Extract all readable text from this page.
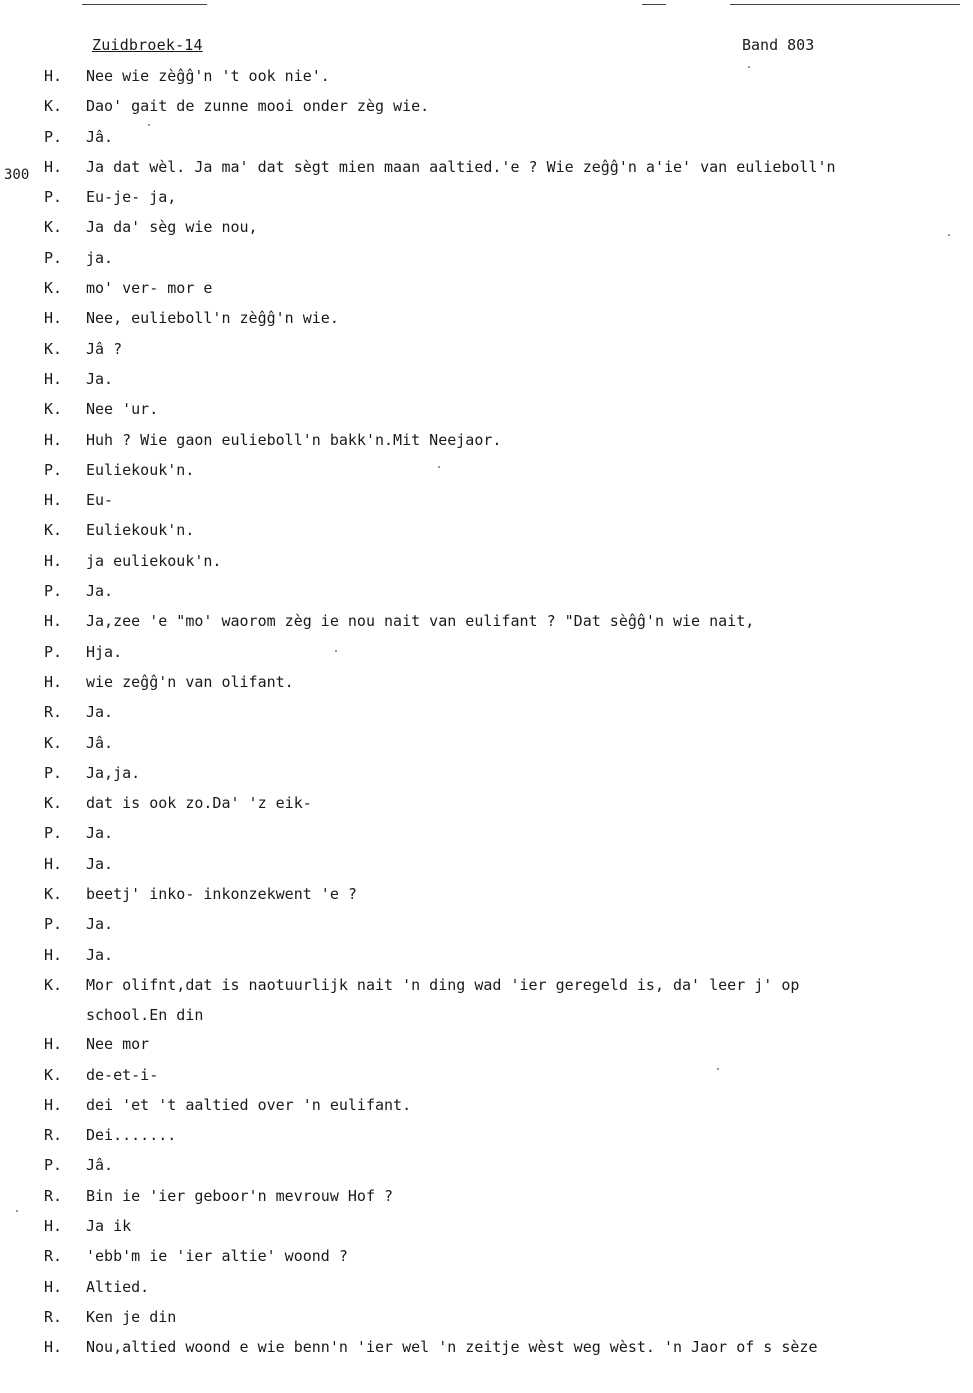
Zuidbroek-14	Band 803
H.	Nee wie zèĝĝ'n 't ook nie'.
K.	Dao' gait de zunne mooi onder zèg wie.
P.	Jâ.
300 H.	Ja dat wèl. Ja ma' dat sègt mien maan aaltied.'e ? Wie zeĝĝ'n a'ie' van eulieboll'n
P.	Eu-je- ja,
K.	Ja da' sèg wie nou,
P.	ja.
K.	mo' ver- mor e
H.	Nee, eulieboll'n zèĝĝ'n wie.
K.	Jâ ?
H.	Ja.
K.	Nee 'ur.
H.	Huh ? Wie gaon eulieboll'n bakk'n.Mit Neejaor.
P.	Euliekouk'n.
H.	Eu-
K.	Euliekouk'n.
H.	ja euliekouk'n.
P.	Ja.
H.	Ja,zee 'e "mo' waorom zèg ie nou nait van eulifant ? "Dat sèĝĝ'n wie nait,
P.	Hja.
H.	wie zeĝĝ'n van olifant.
R.	Ja.
K.	Jâ.
P.	Ja,ja.
K.	dat is ook zo.Da' 'z eik-
P.	Ja.
H.	Ja.
K.	beetj' inko- inkonzekwent 'e ?
P.	Ja.
H.	Ja.
K.	Mor olifnt,dat is naotuurlijk nait 'n ding wad 'ier geregeld is, da' leer j' op
school.En din
H.	Nee mor
K.	de-et-i-
H.	dei 'et 't aaltied over 'n eulifant.
R.	Dei.......
P.	Jâ.
R.	Bin ie 'ier geboor'n mevrouw Hof ?
H.	Ja ik
R.	'ebb'm ie 'ier altie' woond ?
H.	Altied.
R.	Ken je din
H.	Nou,altied woond e wie benn'n 'ier wel 'n zeitje wèst weg wèst. 'n Jaor of s sèze
